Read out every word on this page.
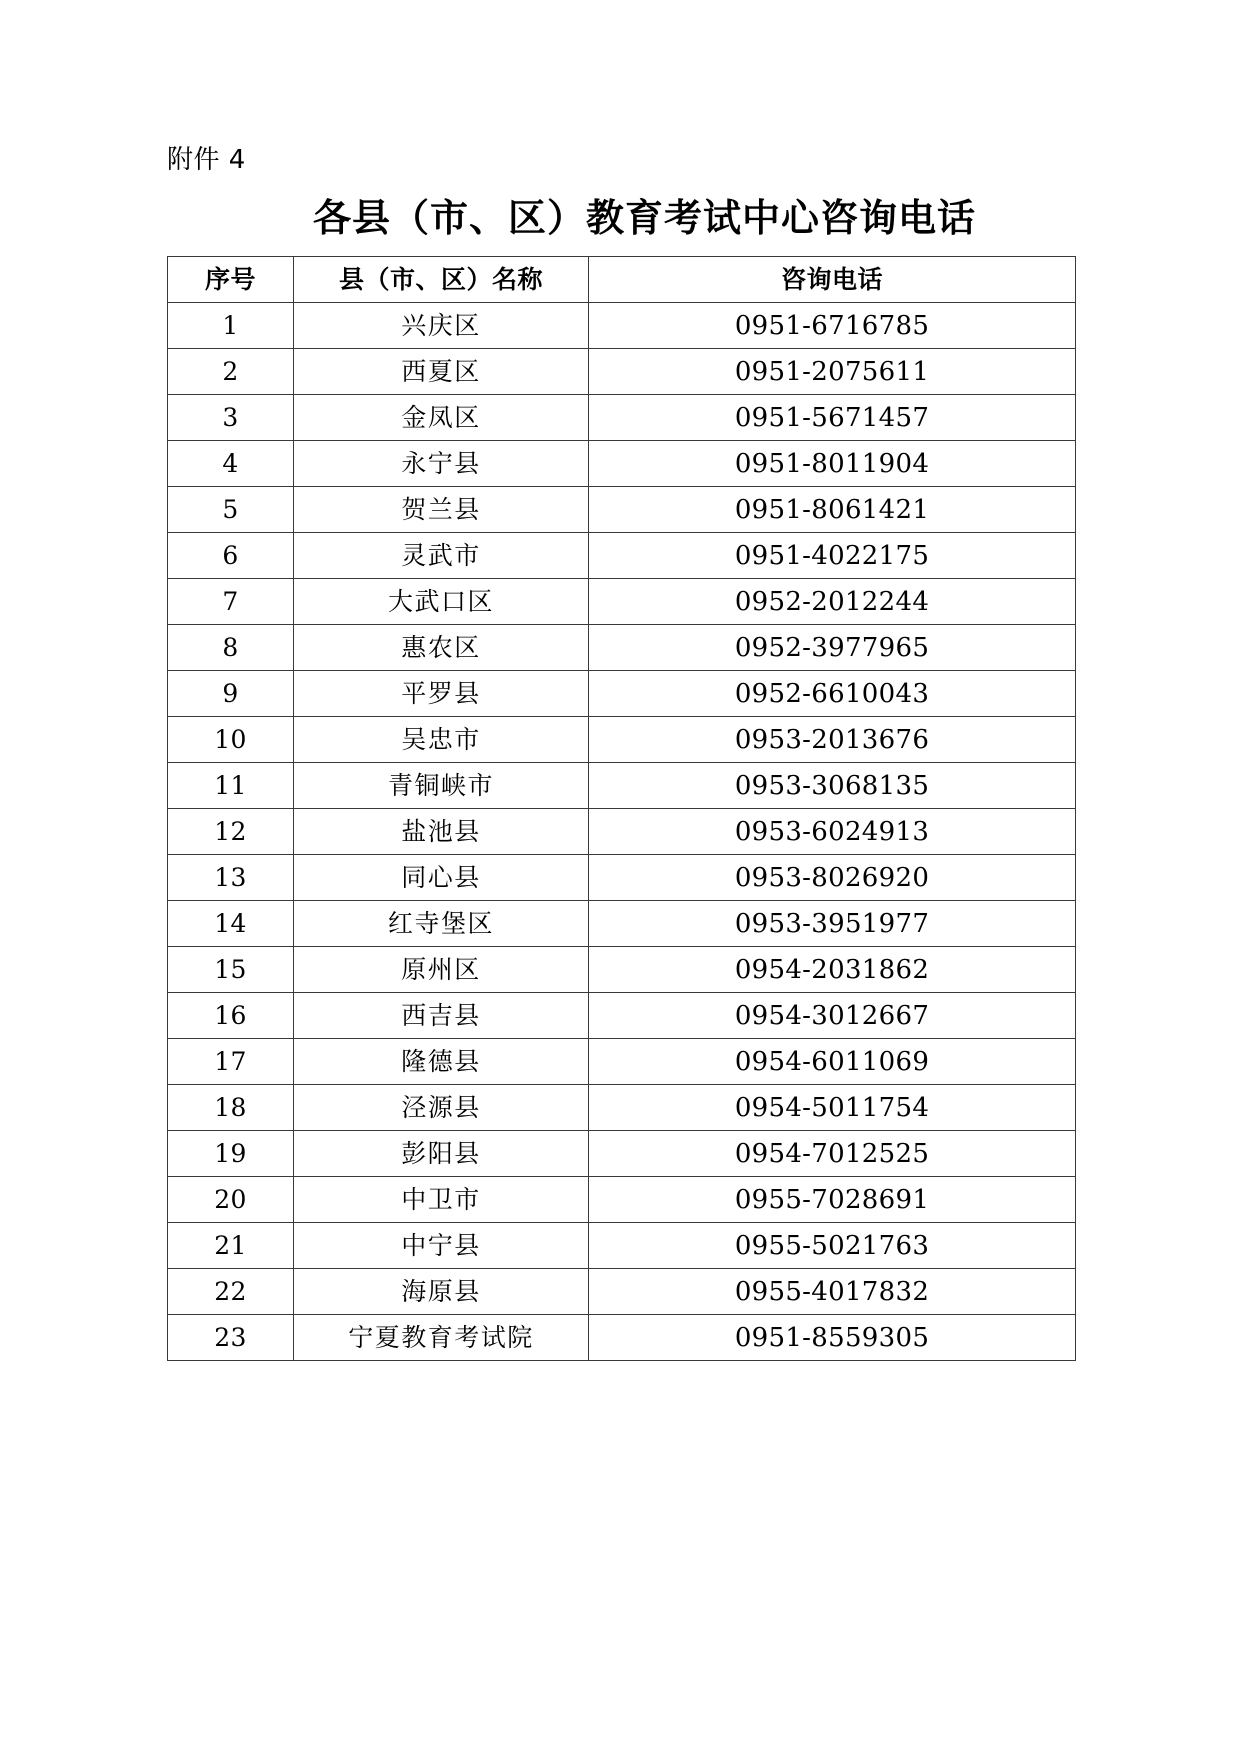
附件 4
各县（市、区）教育考试中心咨询电话
序号	县（市、区）名称	咨询电话
1	兴庆区	0951-6716785
2	西夏区	0951-2075611
3	金凤区	0951-5671457
4	永宁县	0951-8011904
5	贺兰县	0951-8061421
6	灵武市	0951-4022175
7	大武口区	0952-2012244
8	惠农区	0952-3977965
9	平罗县	0952-6610043
10	吴忠市	0953-2013676
11	青铜峡市	0953-3068135
12	盐池县	0953-6024913
13	同心县	0953-8026920
14	红寺堡区	0953-3951977
15	原州区	0954-2031862
16	西吉县	0954-3012667
17	隆德县	0954-6011069
18	泾源县	0954-5011754
19	彭阳县	0954-7012525
20	中卫市	0955-7028691
21	中宁县	0955-5021763
22	海原县	0955-4017832
23	宁夏教育考试院	0951-8559305
